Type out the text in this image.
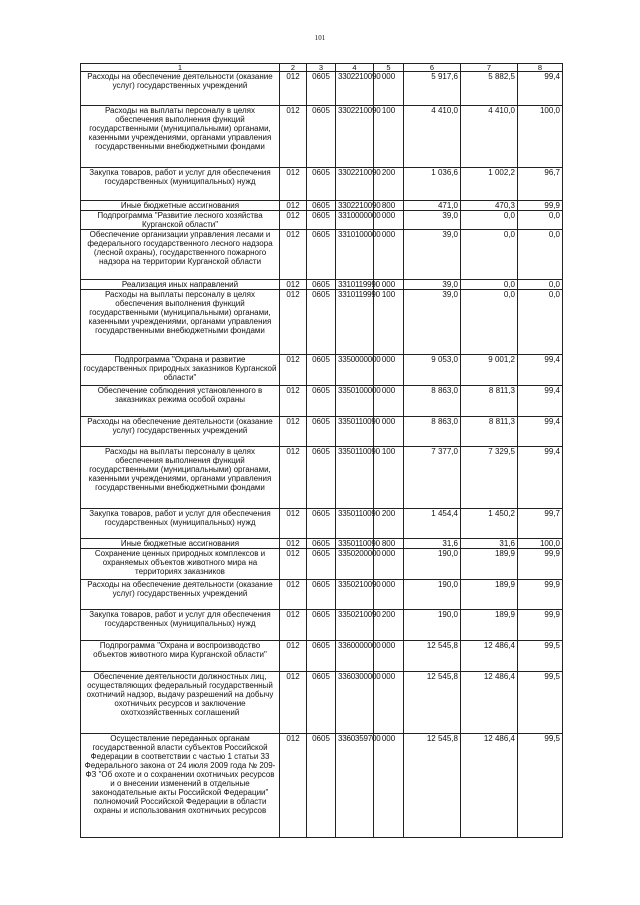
101
1	2	3	4	5	6	7	8
Расходы на обеспечение деятельности (оказание услуг) государственных учреждений	012	0605	3302210090	000	5 917,6	5 882,5	99,4
Расходы на выплаты персоналу в целях обеспечения выполнения функций государственными (муниципальными) органами, казенными учреждениями, органами управления государственными внебюджетными фондами	012	0605	3302210090	100	4 410,0	4 410,0	100,0
Закупка товаров, работ и услуг для обеспечения государственных (муниципальных) нужд	012	0605	3302210090	200	1 036,6	1 002,2	96,7
Иные бюджетные ассигнования	012	0605	3302210090	800	471,0	470,3	99,9
Подпрограмма "Развитие лесного хозяйства Курганской области"	012	0605	3310000000	000	39,0	0,0	0,0
Обеспечение организации управления лесами и федерального государственного лесного надзора (лесной охраны), государственного пожарного надзора на территории Курганской области	012	0605	3310100000	000	39,0	0,0	0,0
Реализация иных направлений	012	0605	3310119990	000	39,0	0,0	0,0
Расходы на выплаты персоналу в целях обеспечения выполнения функций государственными (муниципальными) органами, казенными учреждениями, органами управления государственными внебюджетными фондами	012	0605	3310119990	100	39,0	0,0	0,0
Подпрограмма "Охрана и развитие государственных природных заказников Курганской области"	012	0605	3350000000	000	9 053,0	9 001,2	99,4
Обеспечение соблюдения установленного в заказниках режима особой охраны	012	0605	3350100000	000	8 863,0	8 811,3	99,4
Расходы на обеспечение деятельности (оказание услуг) государственных учреждений	012	0605	3350110090	000	8 863,0	8 811,3	99,4
Расходы на выплаты персоналу в целях обеспечения выполнения функций государственными (муниципальными) органами, казенными учреждениями, органами управления государственными внебюджетными фондами	012	0605	3350110090	100	7 377,0	7 329,5	99,4
Закупка товаров, работ и услуг для обеспечения государственных (муниципальных) нужд	012	0605	3350110090	200	1 454,4	1 450,2	99,7
Иные бюджетные ассигнования	012	0605	3350110090	800	31,6	31,6	100,0
Сохранение ценных природных комплексов и охраняемых объектов животного мира на территориях заказников	012	0605	3350200000	000	190,0	189,9	99,9
Расходы на обеспечение деятельности (оказание услуг) государственных учреждений	012	0605	3350210090	000	190,0	189,9	99,9
Закупка товаров, работ и услуг для обеспечения государственных (муниципальных) нужд	012	0605	3350210090	200	190,0	189,9	99,9
Подпрограмма "Охрана и воспроизводство объектов животного мира Курганской области"	012	0605	3360000000	000	12 545,8	12 486,4	99,5
Обеспечение деятельности должностных лиц, осуществляющих федеральный государственный охотничий надзор, выдачу разрешений на добычу охотничьих ресурсов и заключение охотхозяйственных соглашений	012	0605	3360300000	000	12 545,8	12 486,4	99,5
Осуществление переданных органам государственной власти субъектов Российской Федерации в соответствии с частью 1 статьи 33 Федерального закона от 24 июля 2009 года № 209-ФЗ "Об охоте и о сохранении охотничьих ресурсов и о внесении изменений в отдельные законодательные акты Российской Федерации" полномочий Российской Федерации в области охраны и использования охотничьих ресурсов	012	0605	3360359700	000	12 545,8	12 486,4	99,5
